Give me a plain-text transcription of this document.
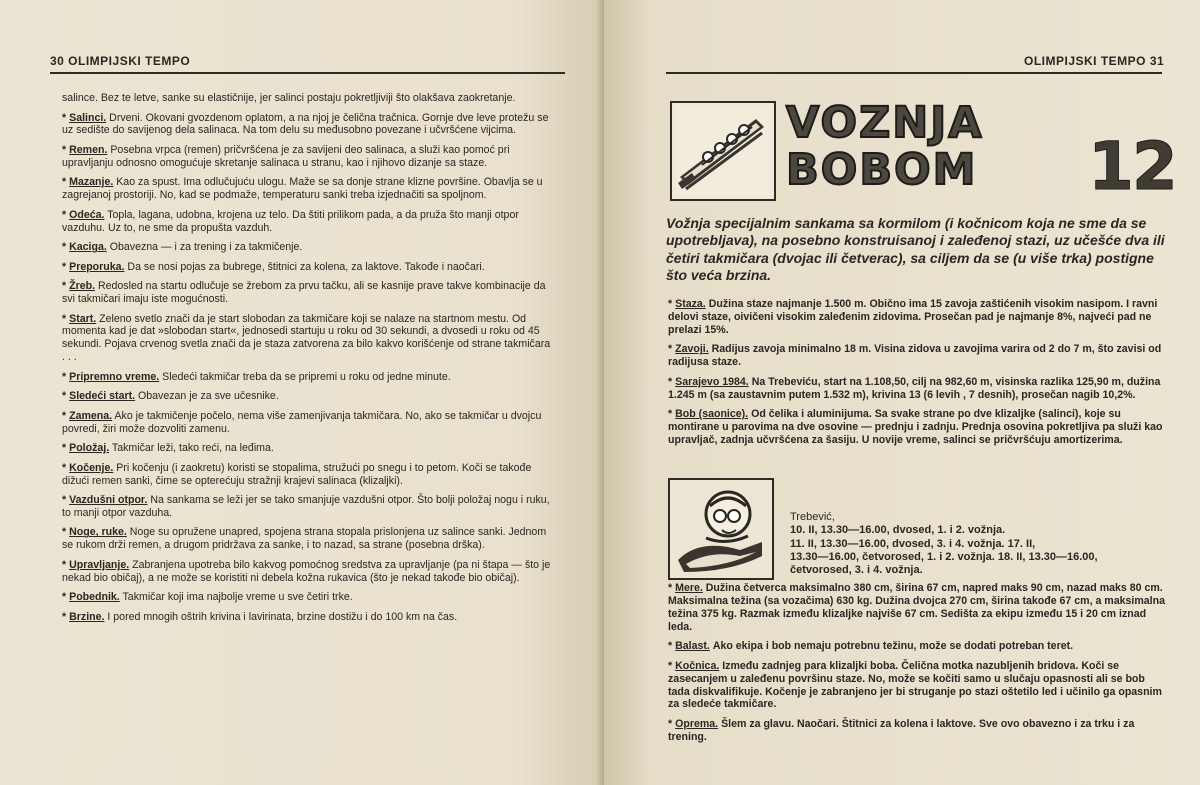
30 OLIMPIJSKI TEMPO

salince. Bez te letve, sanke su elastičnije, jer salinci postaju pokretljiviji što olakšava zaokretanje.

* Salinci. Drveni. Okovani gvozdenom oplatom, a na njoj je čelična tračnica. Gornje dve leve protežu se uz sedište do savijenog dela salinaca. Na tom delu su međusobno povezane i učvršćene vijcima.

* Remen. Posebna vrpca (remen) pričvršćena je za savijeni deo salinaca, a služi kao pomoć pri upravljanju odnosno omogućuje skretanje salinaca u stranu, kao i njihovo dizanje sa staze.

* Mazanje. Kao za spust. Ima odlučujuću ulogu. Maže se sa donje strane klizne površine. Obavlja se u zagrejanoj prostoriji. No, kad se podmaže, temperaturu sanki treba izjednačiti sa spoljnom.

* Odeća. Topla, lagana, udobna, krojena uz telo. Da štiti prilikom pada, a da pruža što manji otpor vazduhu. Uz to, ne sme da propušta vazduh.

* Kaciga. Obavezna — i za trening i za takmičenje.

* Preporuka. Da se nosi pojas za bubrege, štitnici za kolena, za laktove. Takođe i naočari.

* Žreb. Redosled na startu odlučuje se žrebom za prvu tačku, ali se kasnije prave takve kombinacije da svi takmičari imaju iste mogućnosti.

* Start. Zeleno svetlo znači da je start slobodan za takmičare koji se nalaze na startnom mestu. Od momenta kad je dat »slobodan start«, jednosedi startuju u roku od 30 sekundi, a dvosedi u roku od 45 sekundi. Pojava crvenog svetla znači da je staza zatvorena za bilo kakvo korišćenje od strane takmičara . . .

* Pripremno vreme. Sledeći takmičar treba da se pripremi u roku od jedne minute.

* Sledeći start. Obavezan je za sve učesnike.

* Zamena. Ako je takmičenje počelo, nema više zamenjivanja takmičara. No, ako se takmičar u dvojcu povredi, žiri može dozvoliti zamenu.

* Položaj. Takmičar leži, tako reći, na leđima.

* Kočenje. Pri kočenju (i zaokretu) koristi se stopalima, stružući po snegu i to petom. Koči se takođe dižući remen sanki, čime se opterećuju stražnji krajevi salinaca (klizaljki).

* Vazdušni otpor. Na sankama se leži jer se tako smanjuje vazdušni otpor. Što bolji položaj nogu i ruku, to manji otpor vazduha.

* Noge, ruke. Noge su opružene unapred, spojena strana stopala prislonjena uz salince sanki. Jednom se rukom drži remen, a drugom pridržava za sanke, i to nazad, sa strane (posebna drška).

* Upravljanje. Zabranjena upotreba bilo kakvog pomoćnog sredstva za upravljanje (pa ni štapa — što je nekad bio običaj), a ne može se koristiti ni debela kožna rukavica (što je nekad takođe bio običaj).

* Pobednik. Takmičar koji ima najbolje vreme u sve četiri trke.

* Brzine. I pored mnogih oštrih krivina i lavirinata, brzine dostižu i do 100 km na čas.

OLIMPIJSKI TEMPO 31
VOZNJA
BOBOM 12
Vožnja specijalnim sankama sa kormilom (i kočnicom koja ne sme da se upotrebljava), na posebno konstruisanoj i zaleđenoj stazi, uz učešće dva ili četiri takmičara (dvojac ili četverac), sa ciljem da se (u više trka) postigne što veća brzina.

* Staza. Dužina staze najmanje 1.500 m. Obično ima 15 zavoja zaštićenih visokim nasipom. I ravni delovi staze, oivičeni visokim zaleđenim zidovima. Prosečan pad je najmanje 8%, najveći pad ne prelazi 15%.

* Zavoji. Radijus zavoja minimalno 18 m. Visina zidova u zavojima varira od 2 do 7 m, što zavisi od radijusa staze.

* Sarajevo 1984. Na Trebeviću, start na 1.108,50, cilj na 982,60 m, visinska razlika 125,90 m, dužina 1.245 m (sa zaustavnim putem 1.532 m), krivina 13 (6 levih , 7 desnih), prosečan nagib 10,2%.

* Bob (saonice). Od čelika i aluminijuma. Sa svake strane po dve klizaljke (salinci), koje su montirane u parovima na dve osovine — prednju i zadnju. Prednja osovina pokretljiva pa služi kao upravljač, zadnja učvršćena za šasiju. U novije vreme, salinci se pričvršćuju amortizerima.

Trebević,
10. II, 13.30—16.00, dvosed, 1. i 2. vožnja.
11. II, 13.30—16.00, dvosed, 3. i 4. vožnja. 17. II,
13.30—16.00, četvorosed, 1. i 2. vožnja. 18. II, 13.30—16.00,
četvorosed, 3. i 4. vožnja.

* Mere. Dužina četverca maksimalno 380 cm, širina 67 cm, napred maks 90 cm, nazad maks 80 cm. Maksimalna težina (sa vozačima) 630 kg. Dužina dvojca 270 cm, širina takođe 67 cm, a maksimalna težina 375 kg. Razmak između klizaljke najviše 67 cm. Sedišta za ekipu između 15 i 20 cm iznad leda.

* Balast. Ako ekipa i bob nemaju potrebnu težinu, može se dodati potreban teret.

* Kočnica. Između zadnjeg para klizaljki boba. Čelična motka nazubljenih bridova. Koči se zasecanjem u zaleđenu površinu staze. No, može se kočiti samo u slučaju opasnosti ali se bob tada diskvalifikuje. Kočenje je zabranjeno jer bi struganje po stazi oštetilo led i učinilo ga opasnim za sledeće takmičare.

* Oprema. Šlem za glavu. Naočari. Štitnici za kolena i laktove. Sve ovo obavezno i za trku i za trening.
